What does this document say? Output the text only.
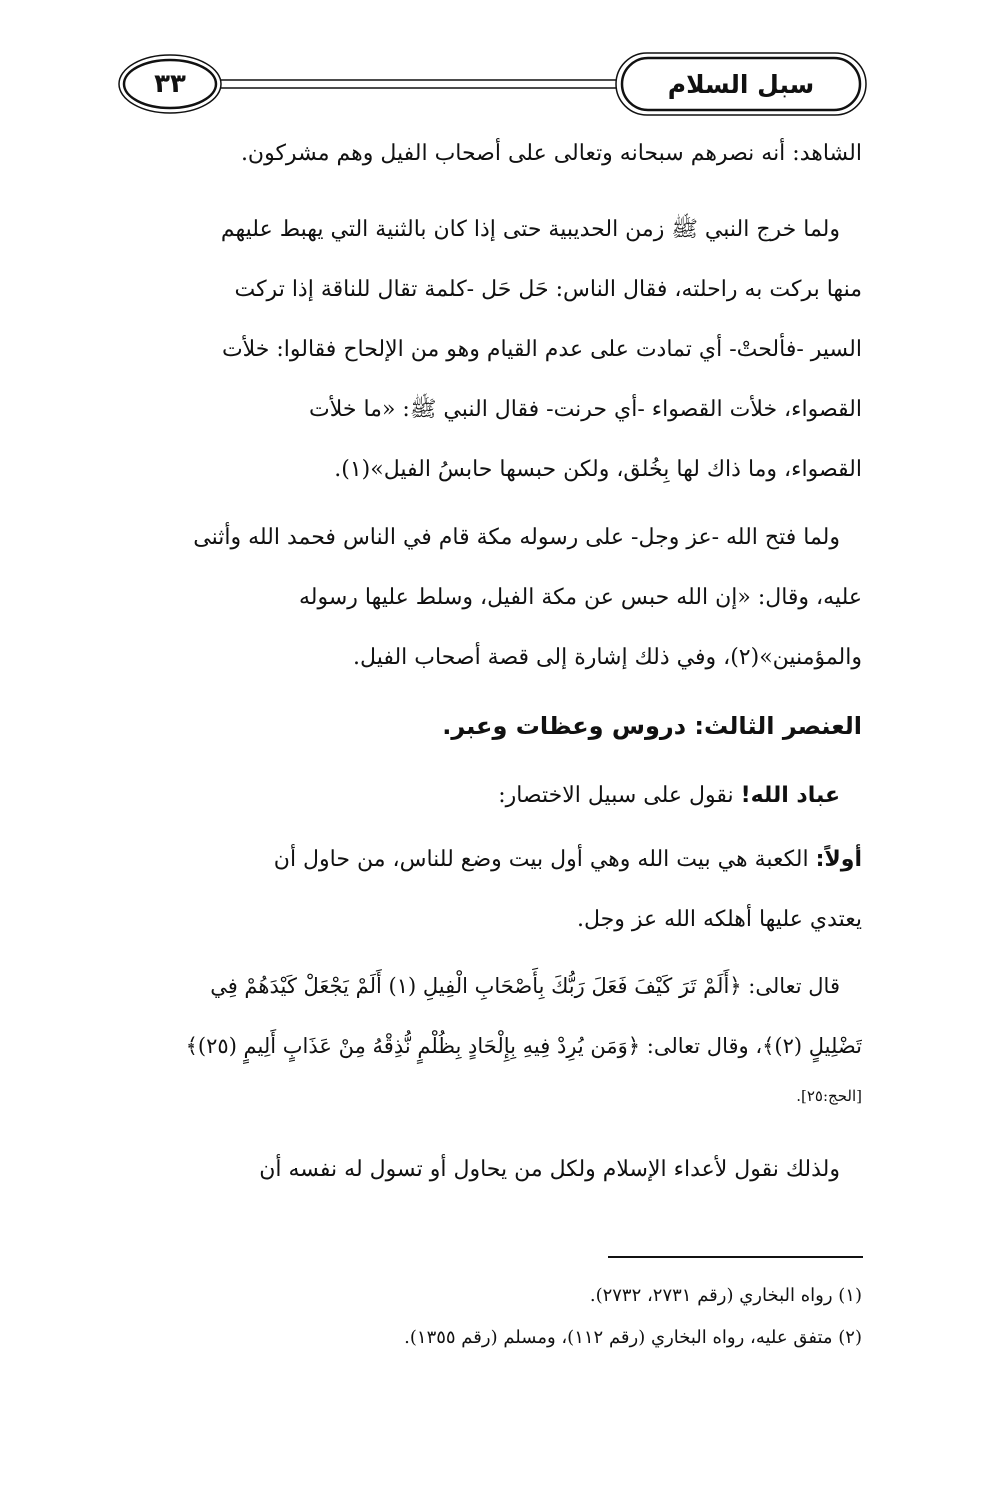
٣٣	سبل السلام
الشاهد: أنه نصرهم سبحانه وتعالى على أصحاب الفيل وهم مشركون.
ولما خرج النبي ﷺ زمن الحديبية حتى إذا كان بالثنية التي يهبط عليهم
منها بركت به راحلته، فقال الناس: حَل حَل -كلمة تقال للناقة إذا تركت
السير -فألحتْ- أي تمادت على عدم القيام وهو من الإلحاح فقالوا: خلأت
القصواء، خلأت القصواء -أي حرنت- فقال النبي ﷺ: «ما خلأت
القصواء، وما ذاك لها بِخُلق، ولكن حبسها حابسُ الفيل»(١).
ولما فتح الله -عز وجل- على رسوله مكة قام في الناس فحمد الله وأثنى
عليه، وقال: «إن الله حبس عن مكة الفيل، وسلط عليها رسوله
والمؤمنين»(٢)، وفي ذلك إشارة إلى قصة أصحاب الفيل.
العنصر الثالث: دروس وعظات وعبر.
عباد الله! نقول على سبيل الاختصار:
أولاً: الكعبة هي بيت الله وهي أول بيت وضع للناس، من حاول أن
يعتدي عليها أهلكه الله عز وجل.
قال تعالى: ﴿أَلَمْ تَرَ كَيْفَ فَعَلَ رَبُّكَ بِأَصْحَابِ الْفِيلِ (١) أَلَمْ يَجْعَلْ كَيْدَهُمْ فِي
تَضْلِيلٍ (٢)﴾، وقال تعالى: ﴿وَمَن يُرِدْ فِيهِ بِإِلْحَادٍ بِظُلْمٍ نُّذِقْهُ مِنْ عَذَابٍ أَلِيمٍ (٢٥)﴾
[الحج:٢٥].
ولذلك نقول لأعداء الإسلام ولكل من يحاول أو تسول له نفسه أن
(١) رواه البخاري (رقم ٢٧٣١، ٢٧٣٢).
(٢) متفق عليه، رواه البخاري (رقم ١١٢)، ومسلم (رقم ١٣٥٥).
